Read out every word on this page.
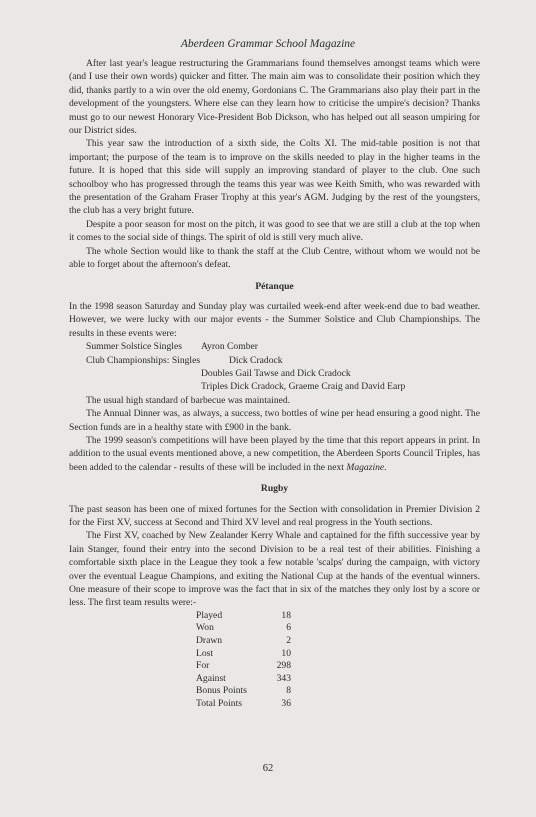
Aberdeen Grammar School Magazine

After last year's league restructuring the Grammarians found themselves amongst teams which were (and I use their own words) quicker and fitter. The main aim was to consolidate their position which they did, thanks partly to a win over the old enemy, Gordonians C. The Grammarians also play their part in the development of the youngsters. Where else can they learn how to criticise the umpire's decision? Thanks must go to our newest Honorary Vice-President Bob Dickson, who has helped out all season umpiring for our District sides.

This year saw the introduction of a sixth side, the Colts XI. The mid-table position is not that important; the purpose of the team is to improve on the skills needed to play in the higher teams in the future. It is hoped that this side will supply an improving standard of player to the club. One such schoolboy who has progressed through the teams this year was wee Keith Smith, who was rewarded with the presentation of the Graham Fraser Trophy at this year's AGM. Judging by the rest of the youngsters, the club has a very bright future.

Despite a poor season for most on the pitch, it was good to see that we are still a club at the top when it comes to the social side of things. The spirit of old is still very much alive.

The whole Section would like to thank the staff at the Club Centre, without whom we would not be able to forget about the afternoon's defeat.

Pétanque

In the 1998 season Saturday and Sunday play was curtailed week-end after week-end due to bad weather. However, we were lucky with our major events - the Summer Solstice and Club Championships. The results in these events were:

Summer Solstice Singles Ayron Comber
Club Championships: Singles	Dick Cradock
Doubles Gail Tawse and Dick Cradock
Triples Dick Cradock, Graeme Craig and David Earp

The usual high standard of barbecue was maintained.

The Annual Dinner was, as always, a success, two bottles of wine per head ensuring a good night. The Section funds are in a healthy state with £900 in the bank.

The 1999 season's competitions will have been played by the time that this report appears in print. In addition to the usual events mentioned above, a new competition, the Aberdeen Sports Council Triples, has been added to the calendar - results of these will be included in the next Magazine.

Rugby

The past season has been one of mixed fortunes for the Section with consolidation in Premier Division 2 for the First XV, success at Second and Third XV level and real progress in the Youth sections.

The First XV, coached by New Zealander Kerry Whale and captained for the fifth successive year by Iain Stanger, found their entry into the second Division to be a real test of their abilities. Finishing a comfortable sixth place in the League they took a few notable 'scalps' during the campaign, with victory over the eventual League Champions, and exiting the National Cup at the hands of the eventual winners. One measure of their scope to improve was the fact that in six of the matches they only lost by a score or less. The first team results were:-

Played	18
Won	6
Drawn	2
Lost	10
For	298
Against	343
Bonus Points	8
Total Points	36
62
